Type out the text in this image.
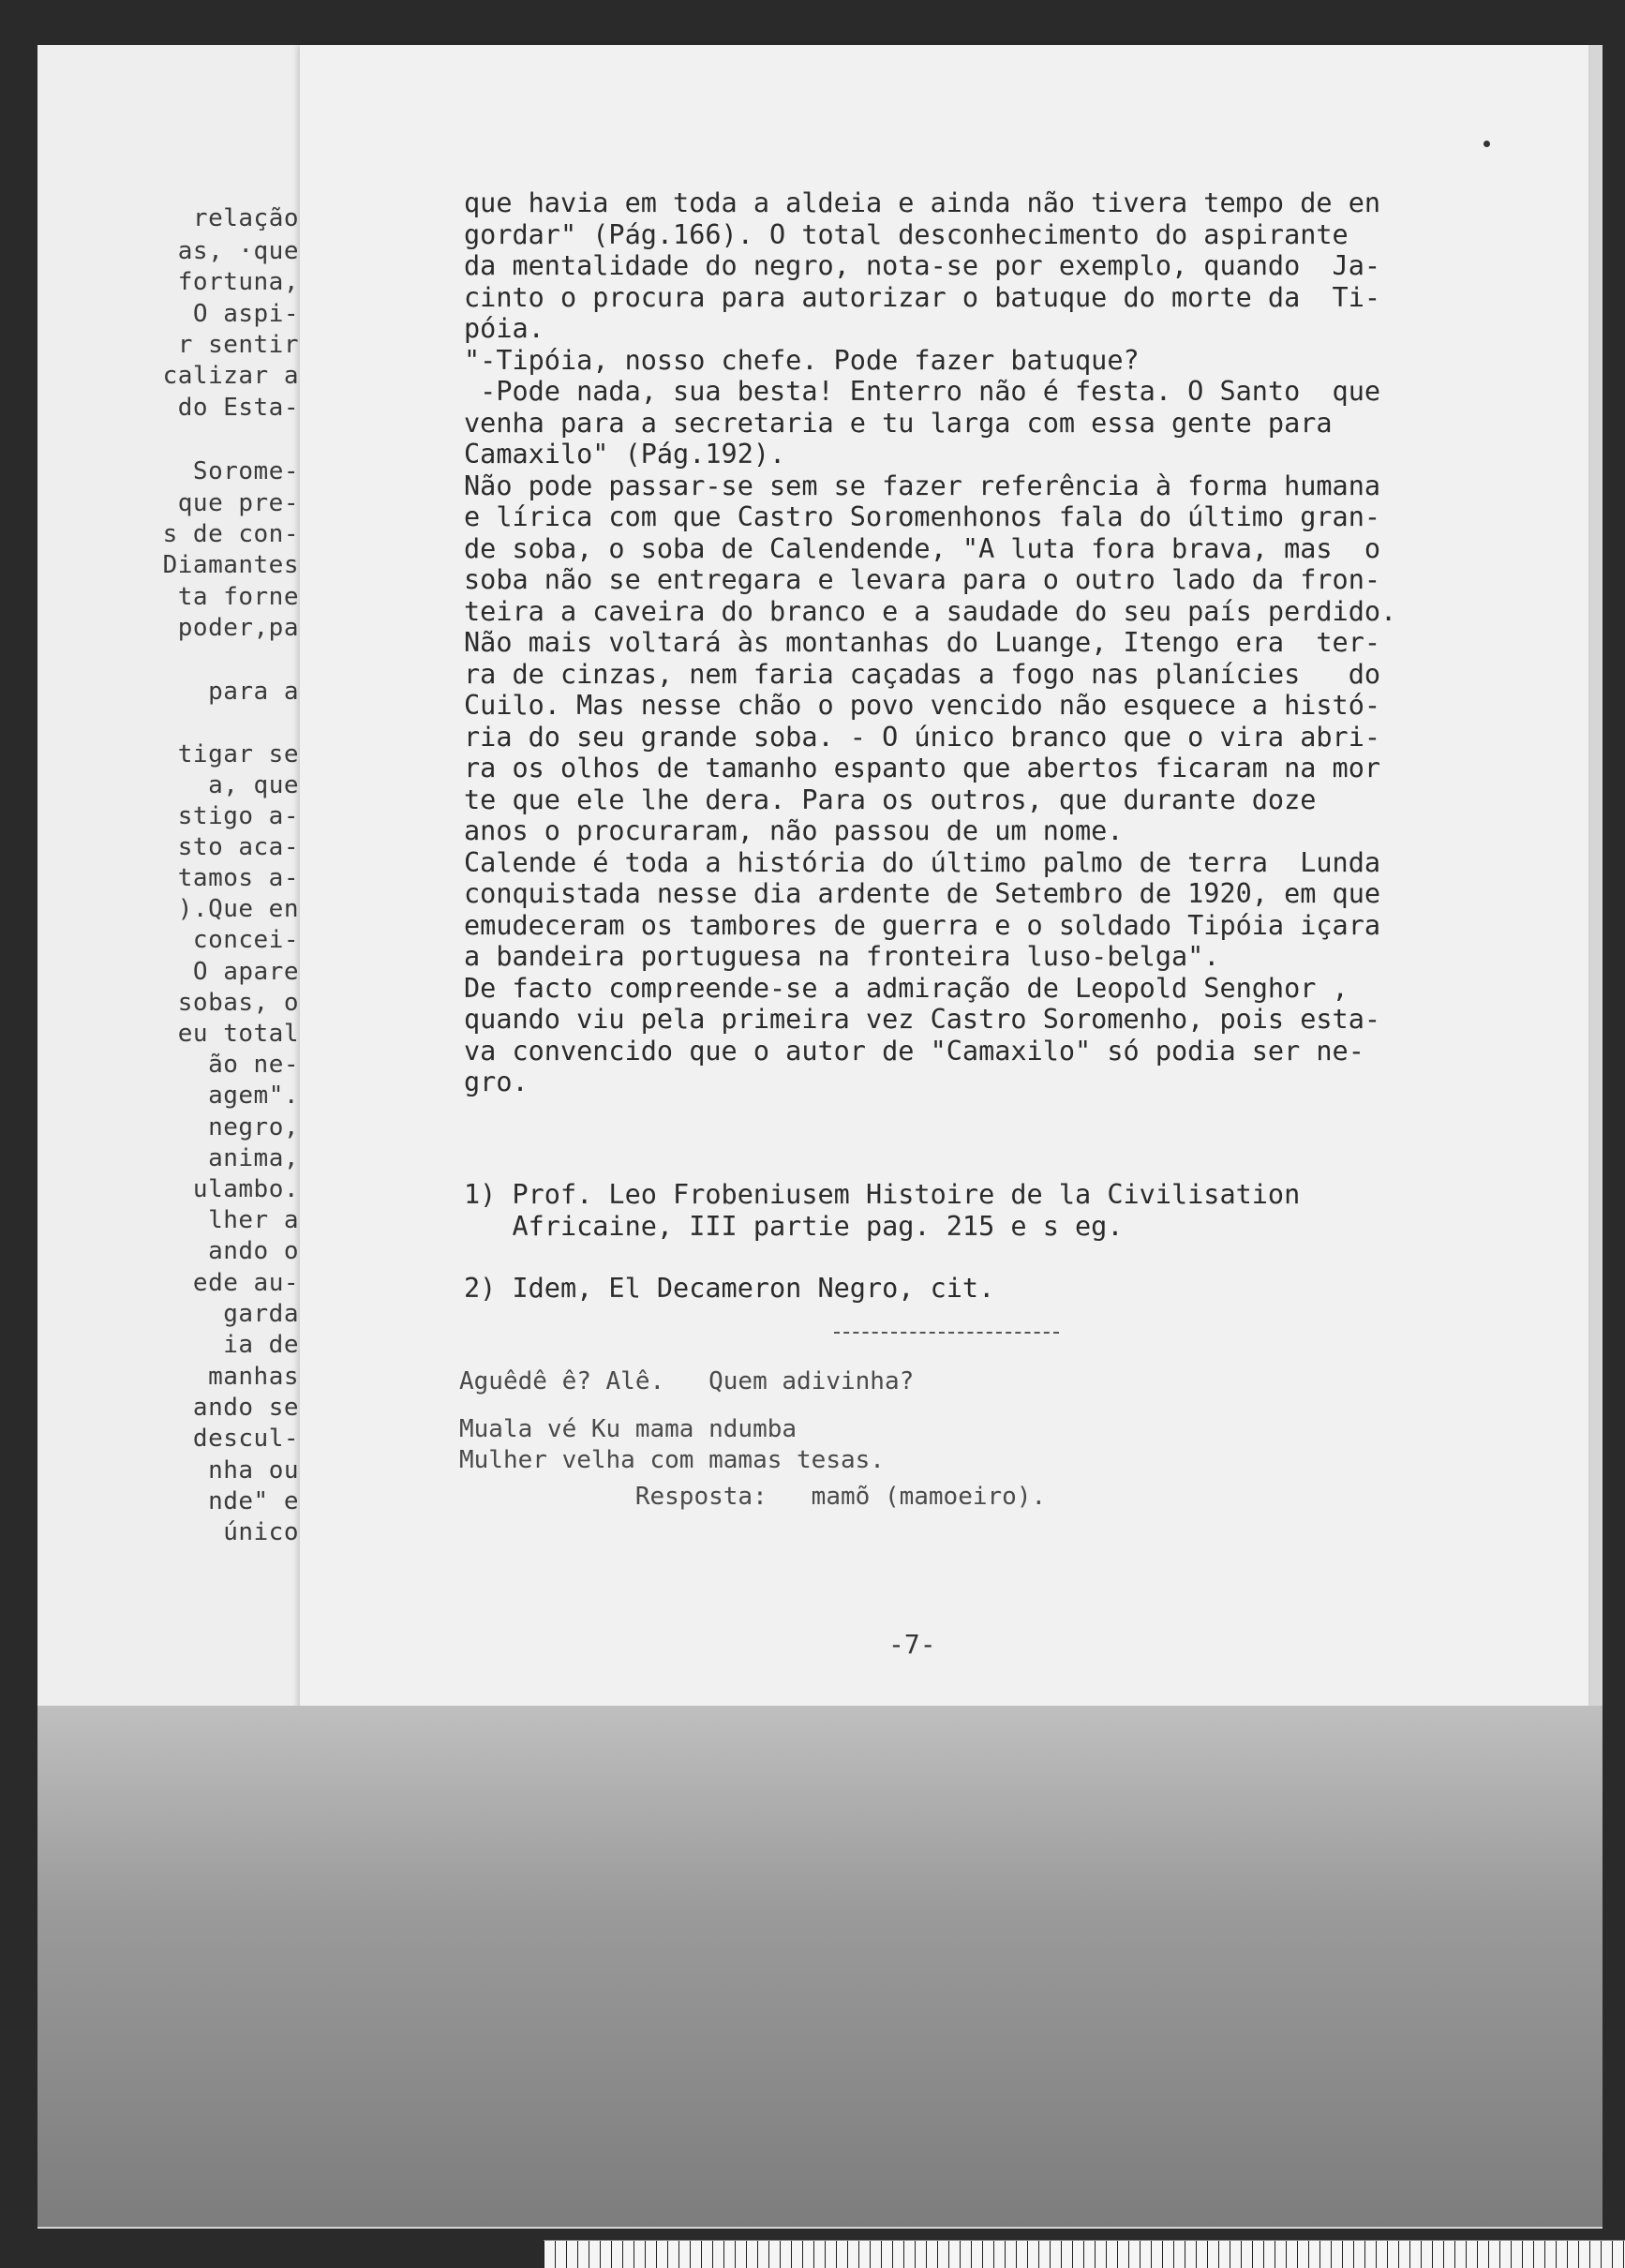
relação
as, ·que
fortuna,
O aspi-
r sentir
calizar a
do Esta-
Sorome-
que pre-
s de con-
Diamantes
ta forne
poder,pa
para a
tigar se
a, que
stigo a-
sto aca-
tamos a-
).Que en
concei-
O apare
sobas, o
eu total
ão ne-
agem".
negro,
anima,
ulambo.
lher a
ando o
ede au-
garda
ia de
manhas
ando se
descul-
nha ou
nde" e
único
que havia em toda a aldeia e ainda não tivera tempo de en
gordar" (Pág.166). O total desconhecimento do aspirante
da mentalidade do negro, nota-se por exemplo, quando  Ja-
cinto o procura para autorizar o batuque do morte da  Ti-
póia.
"-Tipóia, nosso chefe. Pode fazer batuque?
-Pode nada, sua besta! Enterro não é festa. O Santo  que
venha para a secretaria e tu larga com essa gente para
Camaxilo" (Pág.192).
Não pode passar-se sem se fazer referência à forma humana
e lírica com que Castro Soromenhonos fala do último gran-
de soba, o soba de Calendende, "A luta fora brava, mas  o
soba não se entregara e levara para o outro lado da fron-
teira a caveira do branco e a saudade do seu país perdido.
Não mais voltará às montanhas do Luange, Itengo era  ter-
ra de cinzas, nem faria caçadas a fogo nas planícies   do
Cuilo. Mas nesse chão o povo vencido não esquece a histó-
ria do seu grande soba. - O único branco que o vira abri-
ra os olhos de tamanho espanto que abertos ficaram na mor
te que ele lhe dera. Para os outros, que durante doze
anos o procuraram, não passou de um nome.
Calende é toda a história do último palmo de terra  Lunda
conquistada nesse dia ardente de Setembro de 1920, em que
emudeceram os tambores de guerra e o soldado Tipóia içara
a bandeira portuguesa na fronteira luso-belga".
De facto compreende-se a admiração de Leopold Senghor ,
quando viu pela primeira vez Castro Soromenho, pois esta-
va convencido que o autor de "Camaxilo" só podia ser ne-
gro.
1) Prof. Leo Frobeniusem Histoire de la Civilisation
Africaine, III partie pag. 215 e s eg.
2) Idem, El Decameron Negro, cit.
Aguêdê ê? Alê.   Quem adivinha?
Muala vé Ku mama ndumba
Mulher velha com mamas tesas.
Resposta:   mamõ (mamoeiro).
-7-
